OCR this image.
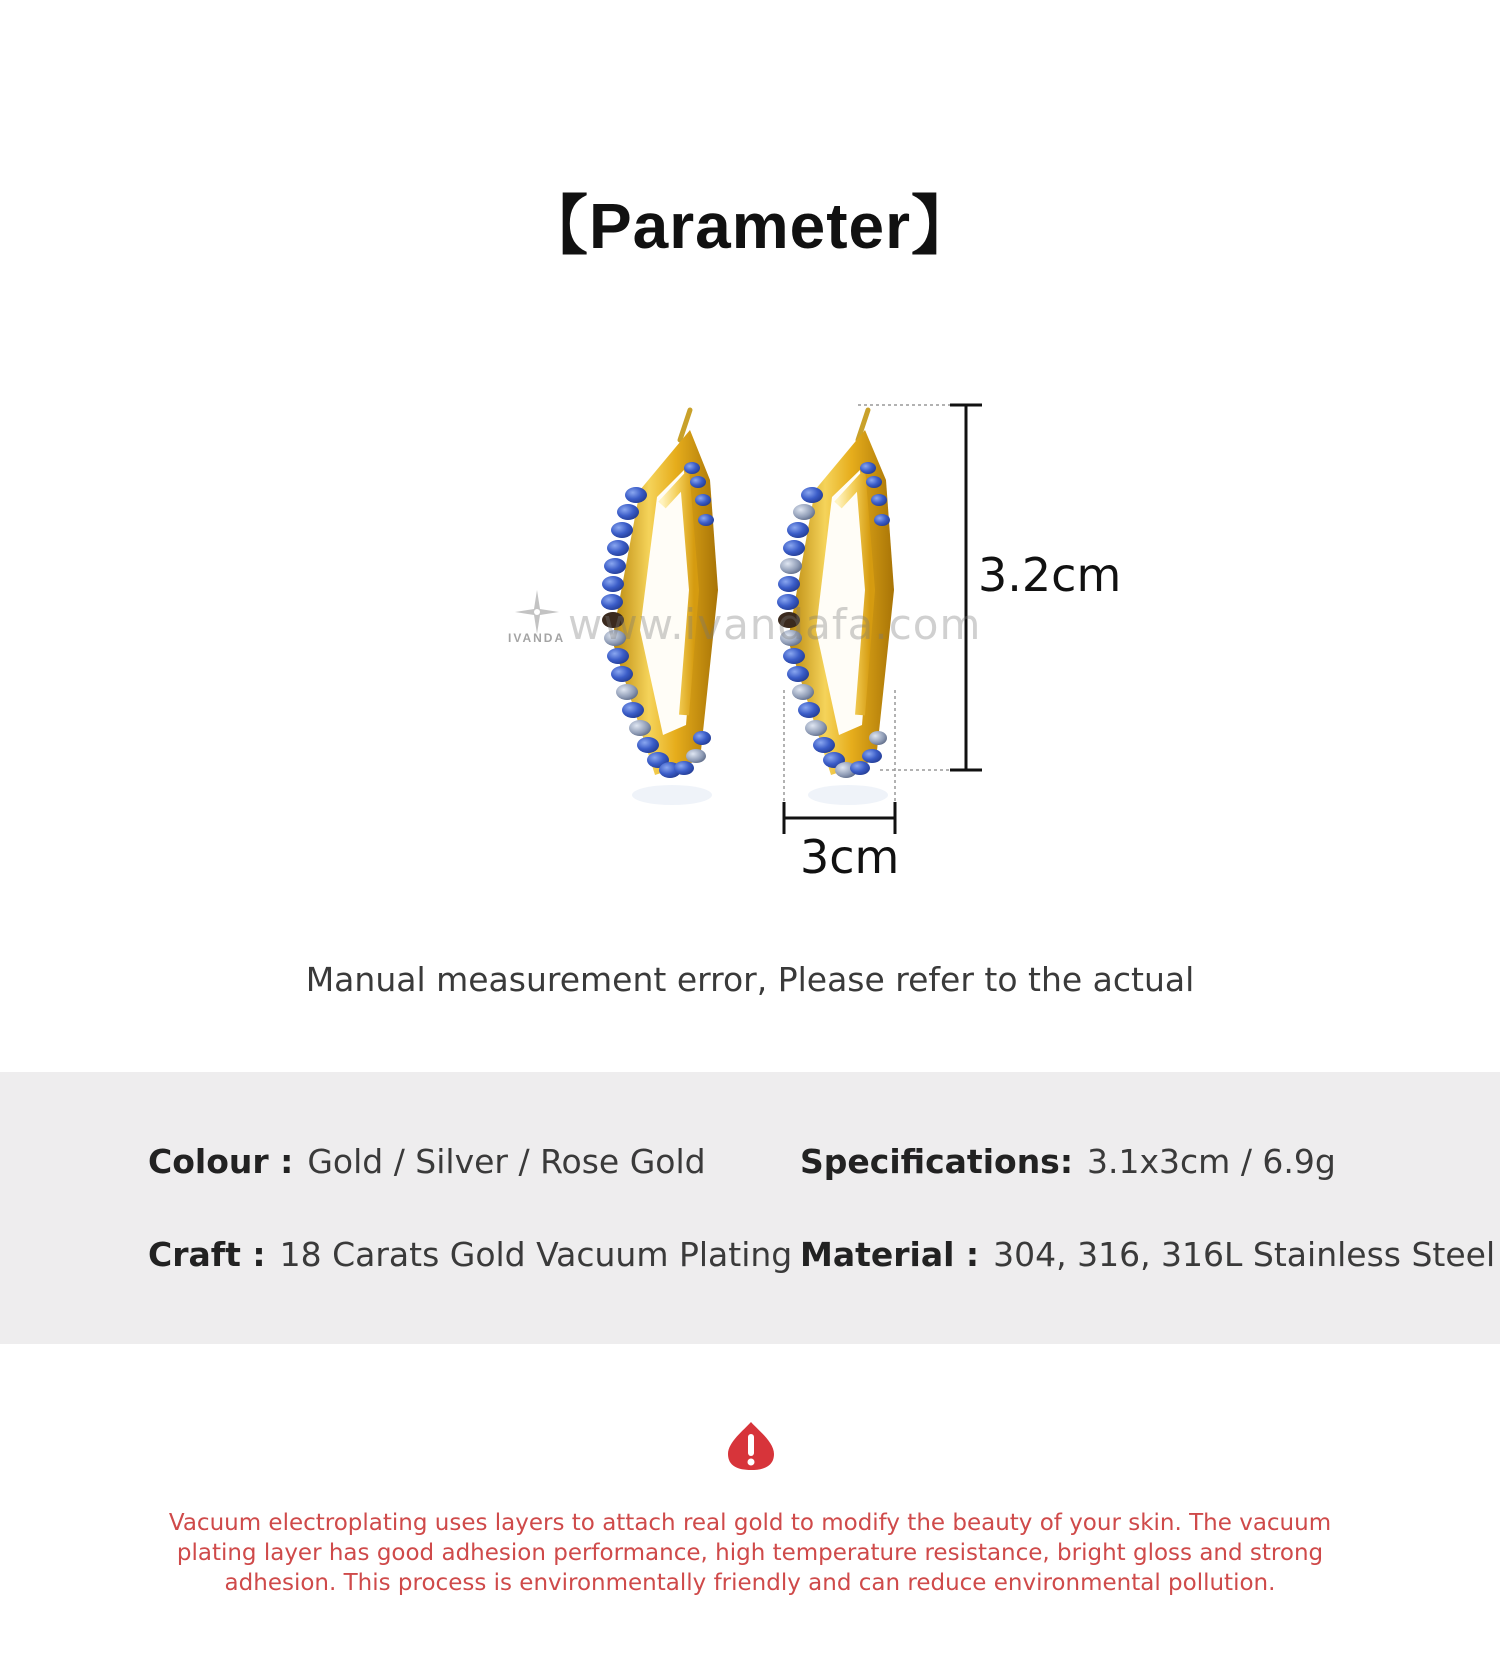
【Parameter】
IVANDA www.ivandafa.com
3.2cm
3cm
Manual measurement error, Please refer to the actual
Colour : Gold / Silver / Rose Gold	Specifications: 3.1x3cm / 6.9g
Craft : 18 Carats Gold Vacuum Plating Material : 304, 316, 316L Stainless Steel
Vacuum electroplating uses layers to attach real gold to modify the beauty of your skin. The vacuum plating layer has good adhesion performance, high temperature resistance, bright gloss and strong adhesion. This process is environmentally friendly and can reduce environmental pollution.
